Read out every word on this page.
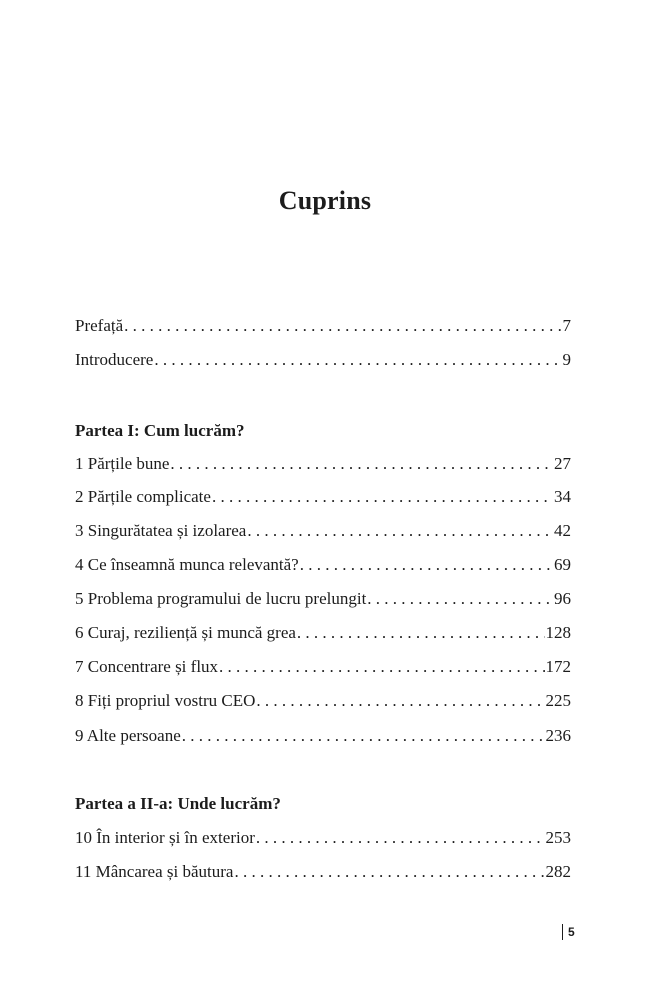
Cuprins
Prefață . . .	7
Introducere . . .	9
Partea I: Cum lucrăm?
1 Părțile bune . . .	27
2 Părțile complicate . . .	34
3 Singurătatea și izolarea . . .	42
4 Ce înseamnă munca relevantă? . . .	69
5 Problema programului de lucru prelungit . . .	96
6 Curaj, reziliență și muncă grea . . .	128
7 Concentrare și flux . . .	172
8 Fiți propriul vostru CEO . . .	225
9 Alte persoane . . .	236
Partea a II-a: Unde lucrăm?
10 În interior și în exterior . . .	253
11 Mâncarea și băutura . . .	282
5
